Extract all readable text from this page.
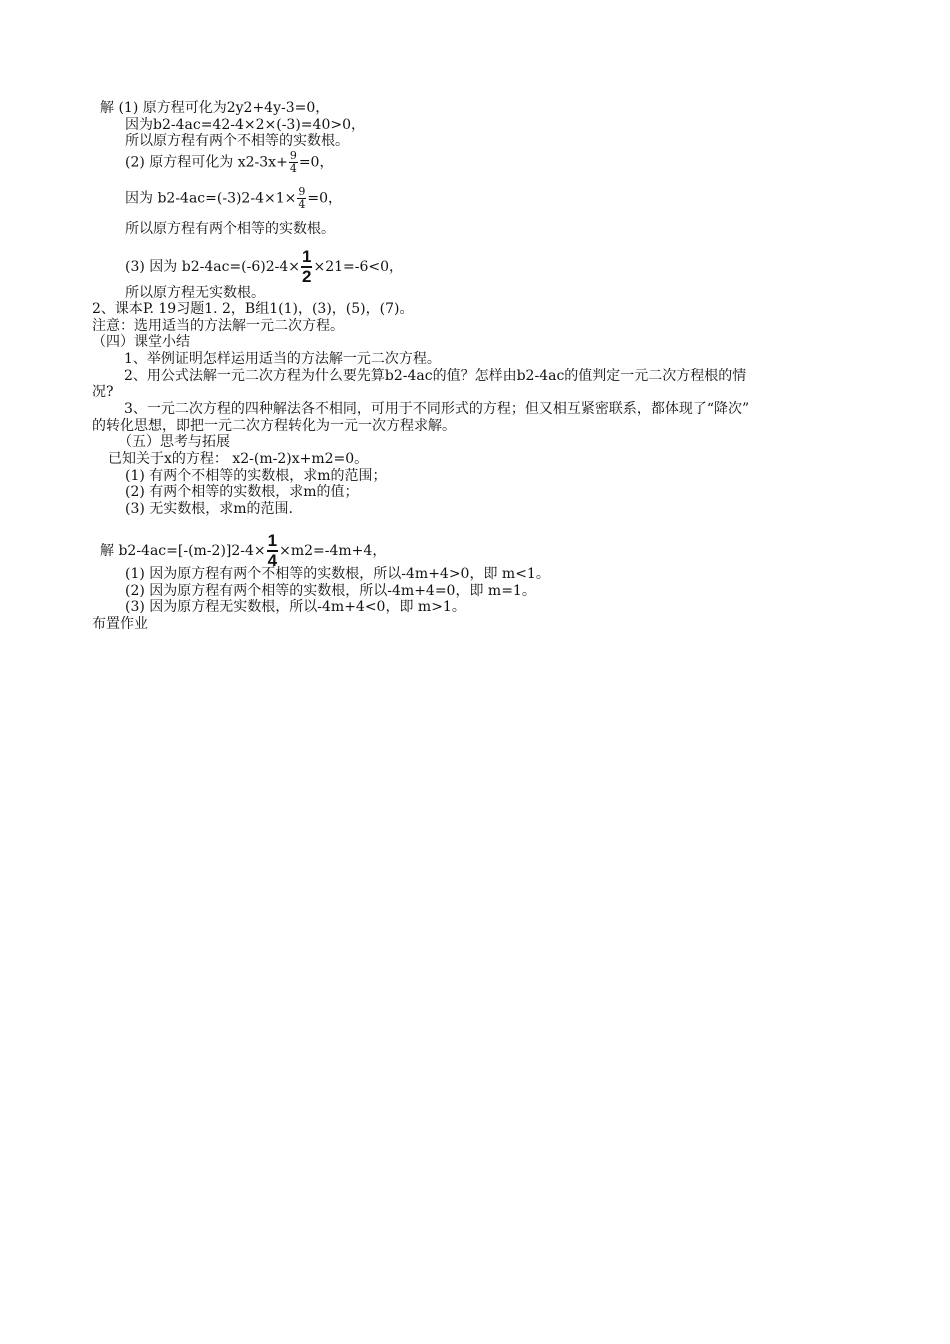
解 (1) 原方程可化为2y2+4y-3=0，
因为b2-4ac=42-4×2×(-3)=40>0，
所以原方程有两个不相等的实数根。
(2) 原方程可化为 $x2-3x+ \frac{9}{4} =0$，
因为 $b2-4ac=(-3)2-4\times 1\times \frac{9}{4} =0$，
所以原方程有两个相等的实数根。
(3) 因为 $b2-4ac=(-6)2-4\times \frac{1}{2} \times 21=-6<0$，
所以原方程无实数根。
2、课本P. 19习题1. 2，B组1(1)，(3)，(5)，(7)。
注意：选用适当的方法解一元二次方程。
（四）课堂小结
1、举例证明怎样运用适当的方法解一元二次方程。
2、用公式法解一元二次方程为什么要先算b2-4ac的值？怎样由b2-4ac的值判定一元二次方程根的情
况?
3、一元二次方程的四种解法各不相同，可用于不同形式的方程；但又相互紧密联系，都体现了“降次”
的转化思想，即把一元二次方程转化为一元一次方程求解。
（五）思考与拓展
已知关于x的方程： x2-(m-2)x+m2=0。
(1) 有两个不相等的实数根，求m的范围；
(2) 有两个相等的实数根，求m的值；
(3) 无实数根，求m的范围.
解 $b2-4ac=[-(m-2)]2-4\times \frac{1}{4} \times m2=-4m+4$，
(1) 因为原方程有两个不相等的实数根，所以-4m+4>0，即 m<1。
(2) 因为原方程有两个相等的实数根，所以-4m+4=0，即 m=1。
(3) 因为原方程无实数根，所以-4m+4<0，即 m>1。
布置作业
